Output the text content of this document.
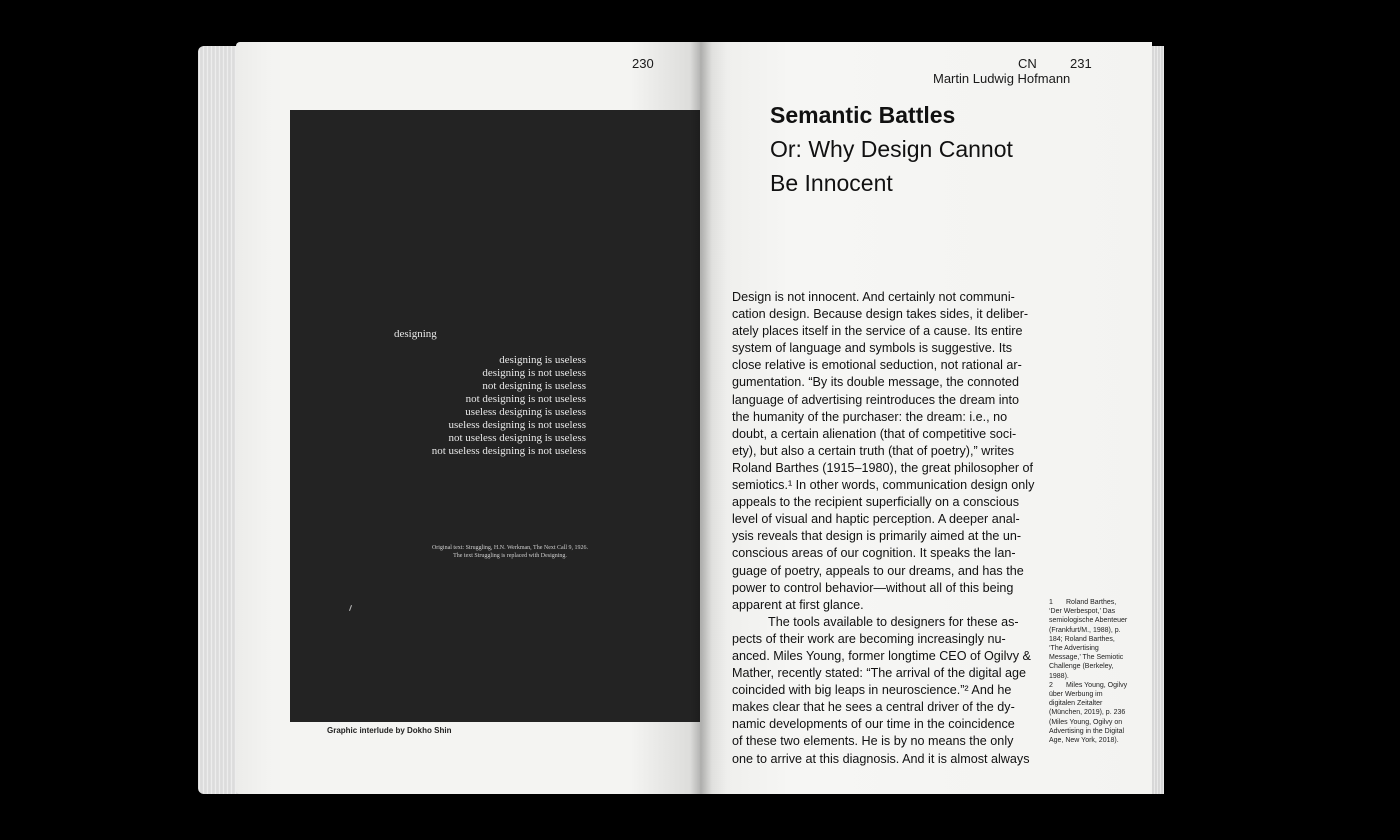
230
designing
designing is useless
designing is not useless
not designing is useless
not designing is not useless
useless designing is useless
useless designing is not useless
not useless designing is useless
not useless designing is not useless
Original text: Struggling, H.N. Werkman, The Next Call 9, 1926.
The text Struggling is replaced with Designing.
Graphic interlude by Dokho Shin
CN	231
Martin Ludwig Hofmann
Semantic Battles
Or: Why Design Cannot
Be Innocent

Design is not innocent. And certainly not communi-
cation design. Because design takes sides, it deliber-
ately places itself in the service of a cause. Its entire
system of language and symbols is suggestive. Its
close relative is emotional seduction, not rational ar-
gumentation. “By its double message, the connoted
language of advertising reintroduces the dream into
the humanity of the purchaser: the dream: i.e., no
doubt, a certain alienation (that of competitive soci-
ety), but also a certain truth (that of poetry),” writes
Roland Barthes (1915–1980), the great philosopher of
semiotics.¹ In other words, communication design only
appeals to the recipient superficially on a conscious
level of visual and haptic perception. A deeper anal-
ysis reveals that design is primarily aimed at the un-
conscious areas of our cognition. It speaks the lan-
guage of poetry, appeals to our dreams, and has the
power to control behavior—without all of this being
apparent at first glance.

The tools available to designers for these as-
pects of their work are becoming increasingly nu-
anced. Miles Young, former longtime CEO of Ogilvy &
Mather, recently stated: “The arrival of the digital age
coincided with big leaps in neuroscience.”² And he
makes clear that he sees a central driver of the dy-
namic developments of our time in the coincidence
of these two elements. He is by no means the only
one to arrive at this diagnosis. And it is almost always

1 Roland Barthes, ‘Der Werbespot,’ Das semiologische Abenteuer (Frankfurt/M., 1988), p. 184; Roland Barthes, ‘The Advertising Message,’ The Semiotic Challenge (Berkeley, 1988).
2 Miles Young, Ogilvy über Werbung im digitalen Zeitalter (München, 2019), p. 236 (Miles Young, Ogilvy on Advertising in the Digital Age, New York, 2018).
